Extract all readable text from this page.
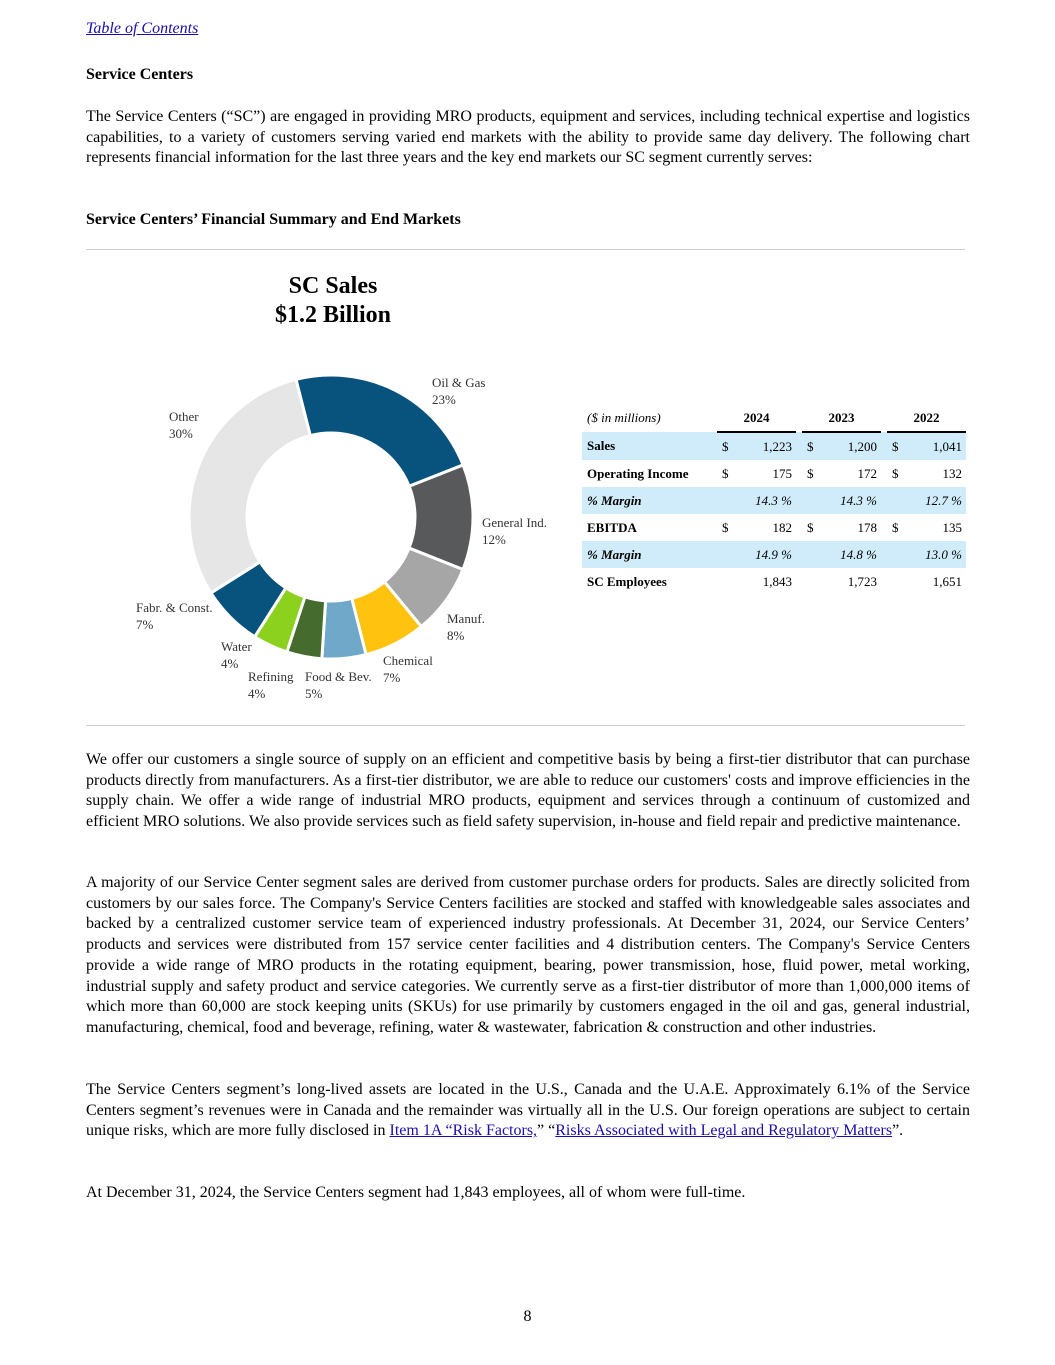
Table of Contents
Service Centers

The Service Centers (“SC”) are engaged in providing MRO products, equipment and services, including technical expertise and logistics capabilities, to a variety of customers serving varied end markets with the ability to provide same day delivery. The following chart represents financial information for the last three years and the key end markets our SC segment currently serves:

Service Centers’ Financial Summary and End Markets
SC Sales
$1.2 Billion
Oil & Gas
23%
General Ind.
12%
Manuf.
8%
Chemical
7%
Food & Bev.
5%
Refining
4%
Water
4%
Fabr. & Const.
7%
Other
30%
($ in millions)		2024			2023			2022	
Sales		$	1,223		$	1,200		$	1,041
Operating Income		$	175		$	172		$	132
% Margin			14.3 %			14.3 %			12.7 %
EBITDA		$	182		$	178		$	135
% Margin			14.9 %			14.8 %			13.0 %
SC Employees			1,843			1,723			1,651

We offer our customers a single source of supply on an efficient and competitive basis by being a first-tier distributor that can purchase products directly from manufacturers. As a first-tier distributor, we are able to reduce our customers' costs and improve efficiencies in the supply chain. We offer a wide range of industrial MRO products, equipment and services through a continuum of customized and efficient MRO solutions. We also provide services such as field safety supervision, in-house and field repair and predictive maintenance.

A majority of our Service Center segment sales are derived from customer purchase orders for products. Sales are directly solicited from customers by our sales force. The Company's Service Centers facilities are stocked and staffed with knowledgeable sales associates and backed by a centralized customer service team of experienced industry professionals. At December 31, 2024, our Service Centers’ products and services were distributed from 157 service center facilities and 4 distribution centers. The Company's Service Centers provide a wide range of MRO products in the rotating equipment, bearing, power transmission, hose, fluid power, metal working, industrial supply and safety product and service categories. We currently serve as a first-tier distributor of more than 1,000,000 items of which more than 60,000 are stock keeping units (SKUs) for use primarily by customers engaged in the oil and gas, general industrial, manufacturing, chemical, food and beverage, refining, water & wastewater, fabrication & construction and other industries.

The Service Centers segment’s long-lived assets are located in the U.S., Canada and the U.A.E. Approximately 6.1% of the Service Centers segment’s revenues were in Canada and the remainder was virtually all in the U.S. Our foreign operations are subject to certain unique risks, which are more fully disclosed in Item 1A “Risk Factors,” “Risks Associated with Legal and Regulatory Matters”.

At December 31, 2024, the Service Centers segment had 1,843 employees, all of whom were full-time.

8
